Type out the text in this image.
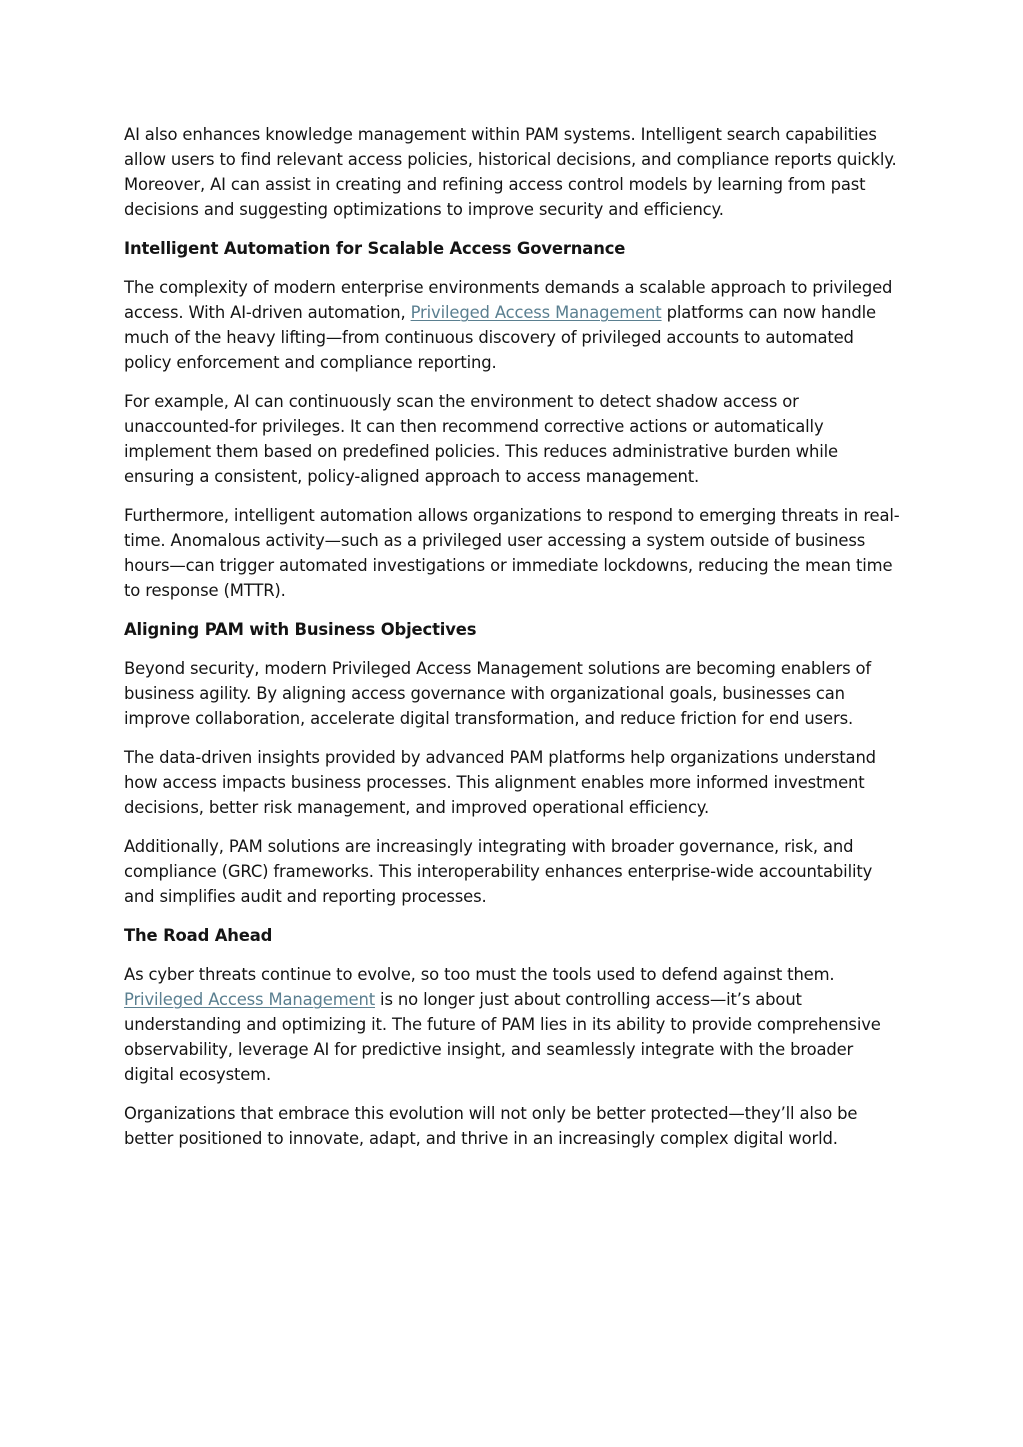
AI also enhances knowledge management within PAM systems. Intelligent search capabilities allow users to find relevant access policies, historical decisions, and compliance reports quickly. Moreover, AI can assist in creating and refining access control models by learning from past decisions and suggesting optimizations to improve security and efficiency.

Intelligent Automation for Scalable Access Governance

The complexity of modern enterprise environments demands a scalable approach to privileged access. With AI-driven automation, Privileged Access Management platforms can now handle much of the heavy lifting—from continuous discovery of privileged accounts to automated policy enforcement and compliance reporting.

For example, AI can continuously scan the environment to detect shadow access or unaccounted-for privileges. It can then recommend corrective actions or automatically implement them based on predefined policies. This reduces administrative burden while ensuring a consistent, policy-aligned approach to access management.

Furthermore, intelligent automation allows organizations to respond to emerging threats in real-time. Anomalous activity—such as a privileged user accessing a system outside of business hours—can trigger automated investigations or immediate lockdowns, reducing the mean time to response (MTTR).

Aligning PAM with Business Objectives

Beyond security, modern Privileged Access Management solutions are becoming enablers of business agility. By aligning access governance with organizational goals, businesses can improve collaboration, accelerate digital transformation, and reduce friction for end users.

The data-driven insights provided by advanced PAM platforms help organizations understand how access impacts business processes. This alignment enables more informed investment decisions, better risk management, and improved operational efficiency.

Additionally, PAM solutions are increasingly integrating with broader governance, risk, and compliance (GRC) frameworks. This interoperability enhances enterprise-wide accountability and simplifies audit and reporting processes.

The Road Ahead

As cyber threats continue to evolve, so too must the tools used to defend against them. Privileged Access Management is no longer just about controlling access—it’s about understanding and optimizing it. The future of PAM lies in its ability to provide comprehensive observability, leverage AI for predictive insight, and seamlessly integrate with the broader digital ecosystem.

Organizations that embrace this evolution will not only be better protected—they’ll also be better positioned to innovate, adapt, and thrive in an increasingly complex digital world.
